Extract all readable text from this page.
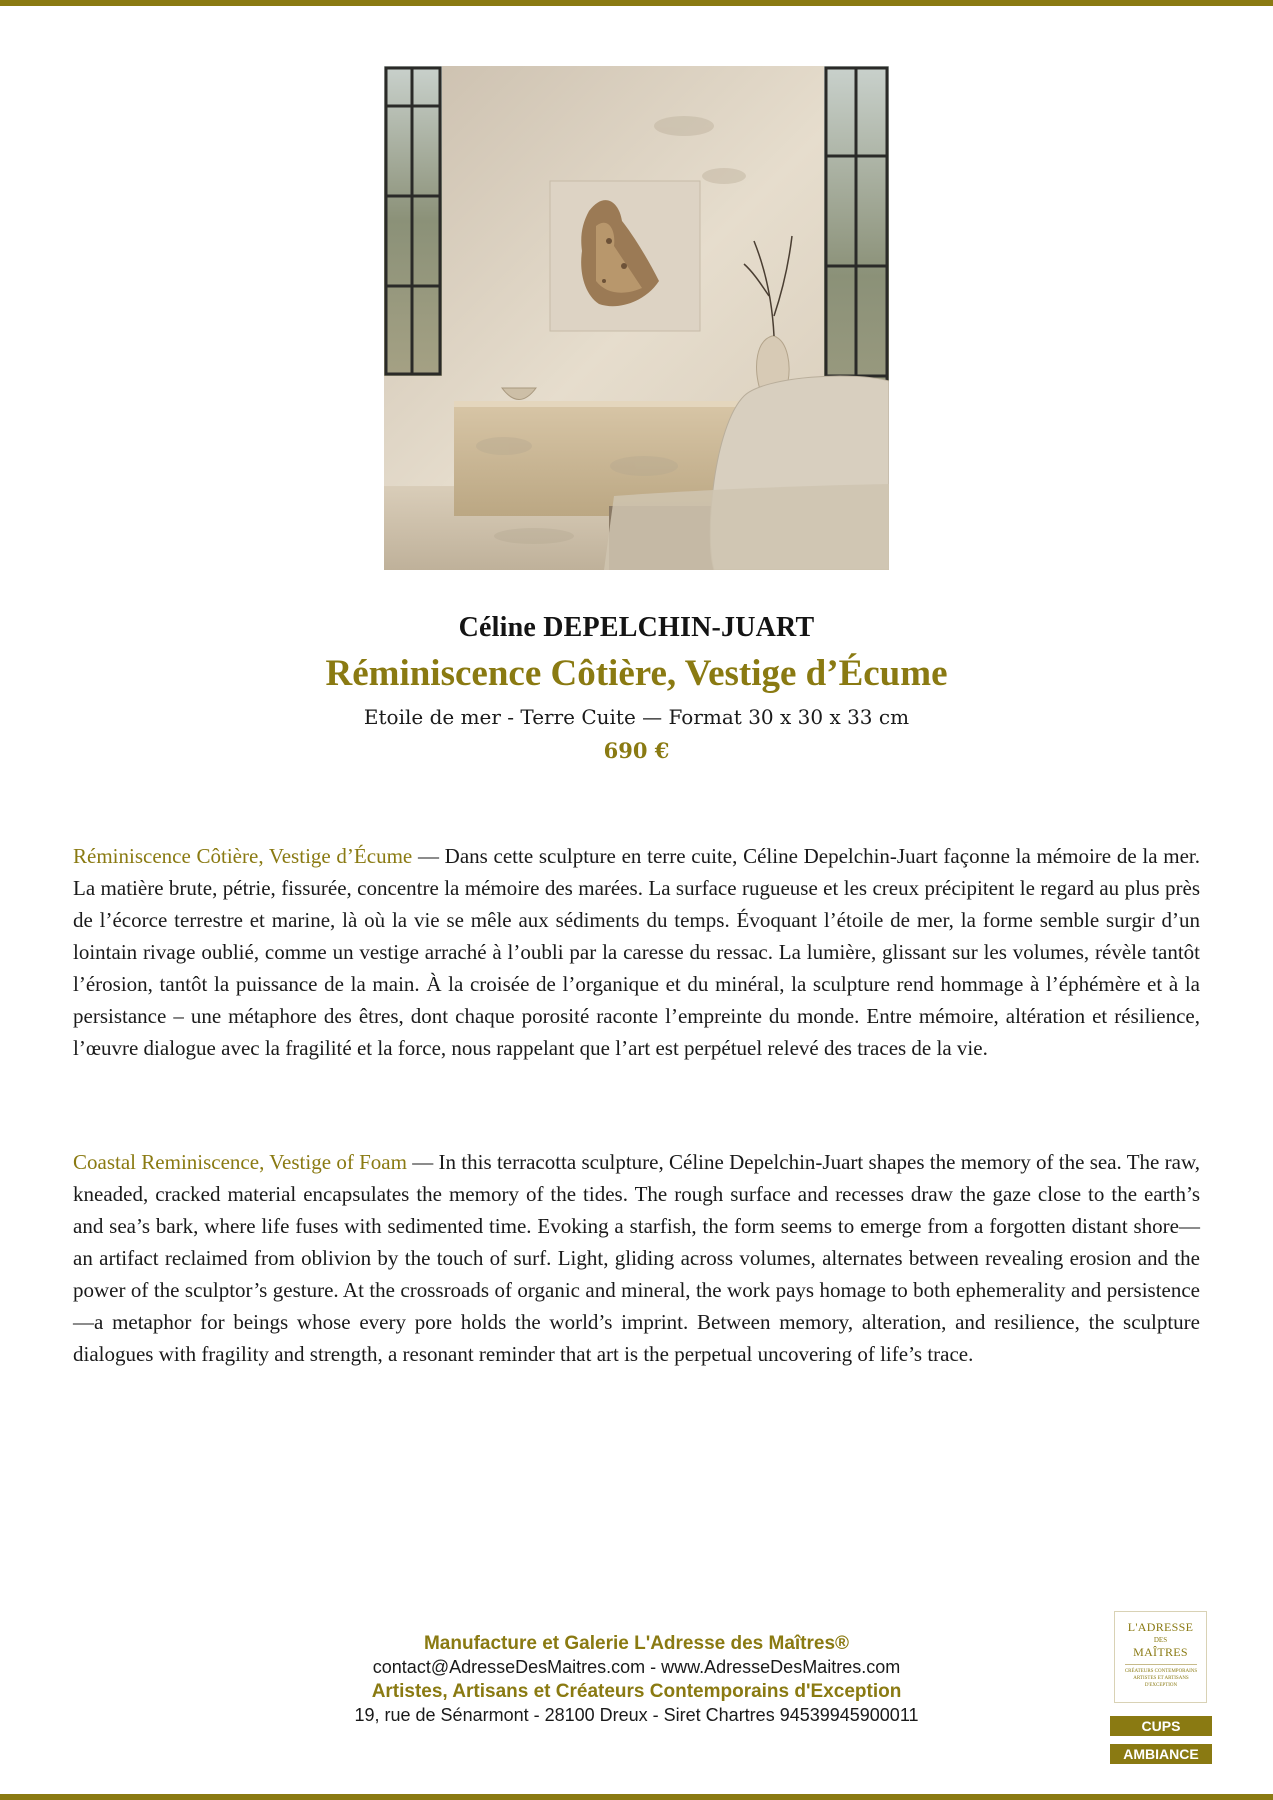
Céline DEPELCHIN-JUART
Réminiscence Côtière, Vestige d’Écume
Etoile de mer - Terre Cuite — Format 30 x 30 x 33 cm
690 €

Réminiscence Côtière, Vestige d’Écume — Dans cette sculpture en terre cuite, Céline Depelchin-Juart façonne la mémoire de la mer. La matière brute, pétrie, fissurée, concentre la mémoire des marées. La surface rugueuse et les creux précipitent le regard au plus près de l’écorce terrestre et marine, là où la vie se mêle aux sédiments du temps. Évoquant l’étoile de mer, la forme semble surgir d’un lointain rivage oublié, comme un vestige arraché à l’oubli par la caresse du ressac. La lumière, glissant sur les volumes, révèle tantôt l’érosion, tantôt la puissance de la main. À la croisée de l’organique et du minéral, la sculpture rend hommage à l’éphémère et à la persistance – une métaphore des êtres, dont chaque porosité raconte l’empreinte du monde. Entre mémoire, altération et résilience, l’œuvre dialogue avec la fragilité et la force, nous rappelant que l’art est perpétuel relevé des traces de la vie.

Coastal Reminiscence, Vestige of Foam — In this terracotta sculpture, Céline Depelchin-Juart shapes the memory of the sea. The raw, kneaded, cracked material encapsulates the memory of the tides. The rough surface and recesses draw the gaze close to the earth’s and sea’s bark, where life fuses with sedimented time. Evoking a starfish, the form seems to emerge from a forgotten distant shore—an artifact reclaimed from oblivion by the touch of surf. Light, gliding across volumes, alternates between revealing erosion and the power of the sculptor’s gesture. At the crossroads of organic and mineral, the work pays homage to both ephemerality and persistence—a metaphor for beings whose every pore holds the world’s imprint. Between memory, alteration, and resilience, the sculpture dialogues with fragility and strength, a resonant reminder that art is the perpetual uncovering of life’s trace.

Manufacture et Galerie L'Adresse des Maîtres®
contact@AdresseDesMaitres.com - www.AdresseDesMaitres.com
Artistes, Artisans et Créateurs Contemporains d'Exception
19, rue de Sénarmont - 28100 Dreux - Siret Chartres 94539945900011
L'ADRESSE
DES
MAÎTRES
CRÉATEURS CONTEMPORAINS ARTISTES ET ARTISANS D'EXCEPTION
CUPS
AMBIANCE
